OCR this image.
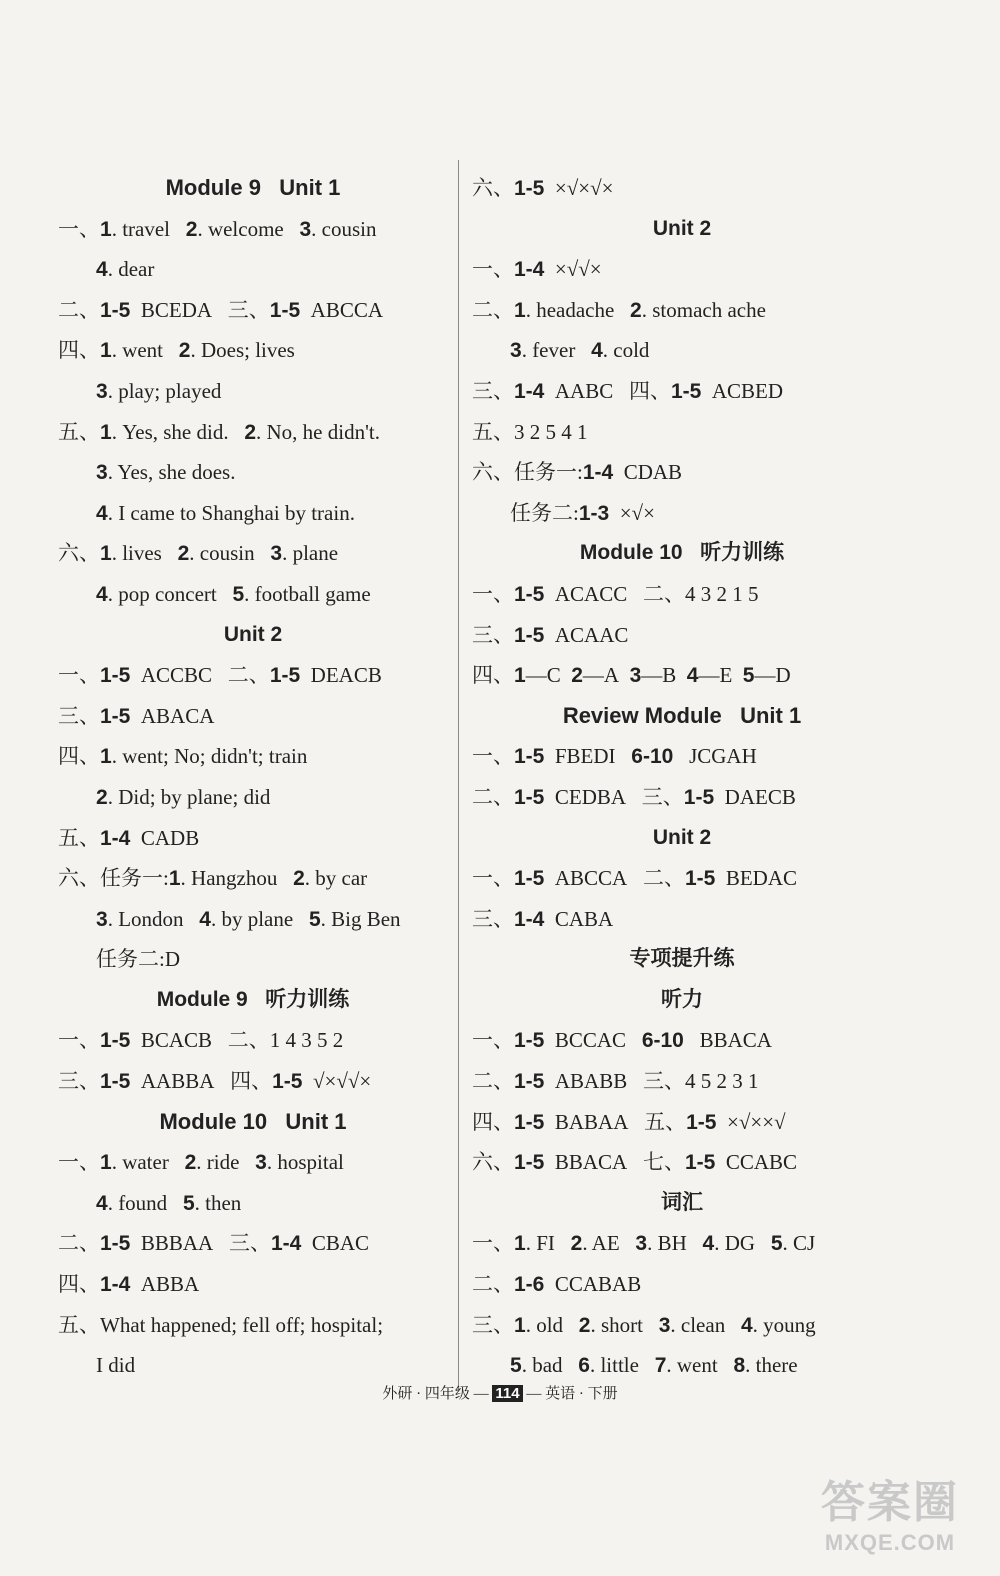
Module 9   Unit 1
一、1. travel   2. welcome   3. cousin
4. dear
二、1-5  BCEDA   三、1-5  ABCCA
四、1. went   2. Does; lives
3. play; played
五、1. Yes, she did.   2. No, he didn't.
3. Yes, she does.
4. I came to Shanghai by train.
六、1. lives   2. cousin   3. plane
4. pop concert   5. football game
Unit 2
一、1-5  ACCBC   二、1-5  DEACB
三、1-5  ABACA
四、1. went; No; didn't; train
2. Did; by plane; did
五、1-4  CADB
六、任务一:1. Hangzhou   2. by car
3. London   4. by plane   5. Big Ben
任务二:D
Module 9   听力训练
一、1-5  BCACB   二、1 4 3 5 2
三、1-5  AABBA   四、1-5  √×√√×
Module 10   Unit 1
一、1. water   2. ride   3. hospital
4. found   5. then
二、1-5  BBBAA   三、1-4  CBAC
四、1-4  ABBA
五、What happened; fell off; hospital;
I did
六、1-5  ×√×√×
Unit 2
一、1-4  ×√√×
二、1. headache   2. stomach ache
3. fever   4. cold
三、1-4  AABC   四、1-5  ACBED
五、3 2 5 4 1
六、任务一:1-4  CDAB
任务二:1-3  ×√×
Module 10   听力训练
一、1-5  ACACC   二、4 3 2 1 5
三、1-5  ACAAC
四、1—C  2—A  3—B  4—E  5—D
Review Module   Unit 1
一、1-5  FBEDI   6-10   JCGAH
二、1-5  CEDBA   三、1-5  DAECB
Unit 2
一、1-5  ABCCA   二、1-5  BEDAC
三、1-4  CABA
专项提升练
听力
一、1-5  BCCAC   6-10   BBACA
二、1-5  ABABB   三、4 5 2 3 1
四、1-5  BABAA   五、1-5  ×√××√
六、1-5  BBACA   七、1-5  CCABC
词汇
一、1. FI   2. AE   3. BH   4. DG   5. CJ
二、1-6  CCABAB
三、1. old   2. short   3. clean   4. young
5. bad   6. little   7. went   8. there
外研 · 四年级 — 114 — 英语 · 下册
答案圈
MXQE.COM
